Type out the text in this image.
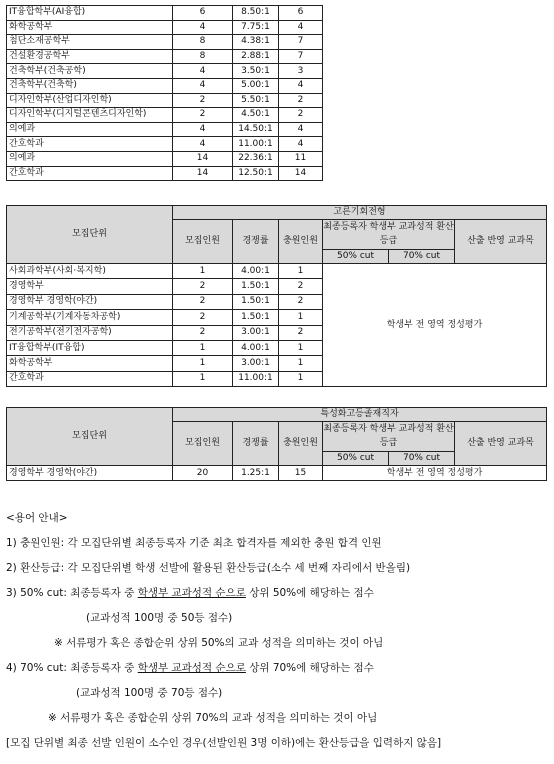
IT융합학부(AI융합)	6	8.50:1	6
화학공학부	4	7.75:1	4
첨단소재공학부	8	4.38:1	7
건설환경공학부	8	2.88:1	7
건축학부(건축공학)	4	3.50:1	3
건축학부(건축학)	4	5.00:1	4
디자인학부(산업디자인학)	2	5.50:1	2
디자인학부(디지털콘텐츠디자인학)	2	4.50:1	2
의예과	4	14.50:1	4
간호학과	4	11.00:1	4
의예과	14	22.36:1	11
간호학과	14	12.50:1	14
모집단위	고른기회전형					
	모집인원	경쟁률	충원인원	최종등록자 학생부 교과성적 환산등급		산출 반영 교과목
				50% cut	70% cut	
사회과학부(사회·복지학)	1	4.00:1	1	학생부 전 영역 정성평가		
경영학부	2	1.50:1	2			
경영학부 경영학(야간)	2	1.50:1	2			
기계공학부(기계자동차공학)	2	1.50:1	1			
전기공학부(전기전자공학)	2	3.00:1	2			
IT융합학부(IT융합)	1	4.00:1	1			
화학공학부	1	3.00:1	1			
간호학과	1	11.00:1	1			
모집단위	특성화고등졸재직자					
	모집인원	경쟁률	충원인원	최종등록자 학생부 교과성적 환산등급		산출 반영 교과목
				50% cut	70% cut	
경영학부 경영학(야간)	20	1.25:1	15	학생부 전 영역 정성평가		
<용어 안내>
1) 충원인원: 각 모집단위별 최종등록자 기준 최초 합격자를 제외한 충원 합격 인원
2) 환산등급: 각 모집단위별 학생 선발에 활용된 환산등급(소수 세 번째 자리에서 반올림)
3) 50% cut: 최종등록자 중 학생부 교과성적 순으로 상위 50%에 해당하는 점수
(교과성적 100명 중 50등 점수)
※ 서류평가 혹은 종합순위 상위 50%의 교과 성적을 의미하는 것이 아님
4) 70% cut: 최종등록자 중 학생부 교과성적 순으로 상위 70%에 해당하는 점수
(교과성적 100명 중 70등 점수)
※ 서류평가 혹은 종합순위 상위 70%의 교과 성적을 의미하는 것이 아님
[모집 단위별 최종 선발 인원이 소수인 경우(선발인원 3명 이하)에는 환산등급을 입력하지 않음]
